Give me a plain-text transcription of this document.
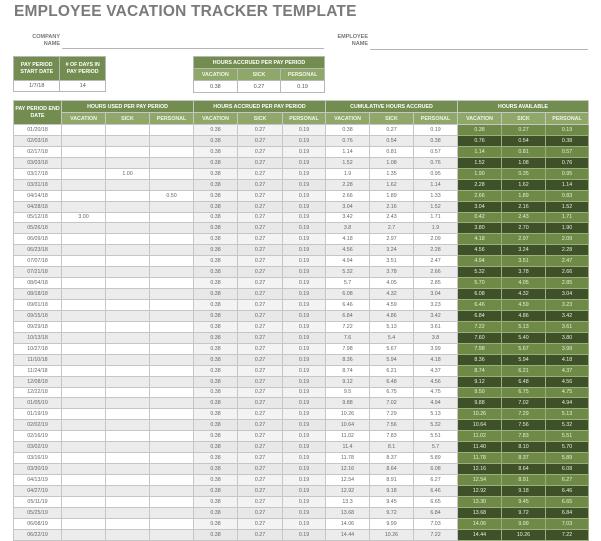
EMPLOYEE VACATION TRACKER TEMPLATE
COMPANY
NAME
EMPLOYEE
NAME
PAY PERIOD START DATE	# OF DAYS IN PAY PERIOD
1/7/18	14
HOURS ACCRUED PER PAY PERIOD		
VACATION	SICK	PERSONAL
0.38	0.27	0.19
PAY PERIOD END DATE	HOURS USED PER PAY PERIOD			HOURS ACCRUED PER PAY PERIOD			CUMULATIVE HOURS ACCRUED			HOURS AVAILABLE		
	VACATION	SICK	PERSONAL	VACATION	SICK	PERSONAL	VACATION	SICK	PERSONAL	VACATION	SICK	PERSONAL
01/20/18				0.38	0.27	0.19	0.38	0.27	0.19	0.38	0.27	0.19
02/03/18				0.38	0.27	0.19	0.76	0.54	0.38	0.76	0.54	0.38
02/17/18				0.38	0.27	0.19	1.14	0.81	0.57	1.14	0.81	0.57
03/03/18				0.38	0.27	0.19	1.52	1.08	0.76	1.52	1.08	0.76
03/17/18		1.00		0.38	0.27	0.19	1.9	1.35	0.95	1.90	0.35	0.95
03/31/18				0.38	0.27	0.19	2.28	1.62	1.14	2.28	1.62	1.14
04/14/18			0.50	0.38	0.27	0.19	2.66	1.89	1.33	2.66	1.89	0.83
04/28/18				0.38	0.27	0.19	3.04	2.16	1.52	3.04	2.16	1.52
05/12/18	3.00			0.38	0.27	0.19	3.42	2.43	1.71	0.42	2.43	1.71
05/26/18				0.38	0.27	0.19	3.8	2.7	1.9	3.80	2.70	1.90
06/09/18				0.38	0.27	0.19	4.18	2.97	2.09	4.18	2.97	2.09
06/23/18				0.38	0.27	0.19	4.56	3.24	2.28	4.56	3.24	2.28
07/07/18				0.38	0.27	0.19	4.94	3.51	2.47	4.94	3.51	2.47
07/21/18				0.38	0.27	0.19	5.32	3.78	2.66	5.32	3.78	2.66
08/04/18				0.38	0.27	0.19	5.7	4.05	2.85	5.70	4.05	2.85
08/18/18				0.38	0.27	0.19	6.08	4.32	3.04	6.08	4.32	3.04
09/01/18				0.38	0.27	0.19	6.46	4.59	3.23	6.46	4.59	3.23
09/15/18				0.38	0.27	0.19	6.84	4.86	3.42	6.84	4.86	3.42
09/29/18				0.38	0.27	0.19	7.22	5.13	3.61	7.22	5.13	3.61
10/13/18				0.38	0.27	0.19	7.6	5.4	3.8	7.60	5.40	3.80
10/27/18				0.38	0.27	0.19	7.98	5.67	3.99	7.98	5.67	3.99
11/10/18				0.38	0.27	0.19	8.36	5.94	4.18	8.36	5.94	4.18
11/24/18				0.38	0.27	0.19	8.74	6.21	4.37	8.74	6.21	4.37
12/08/18				0.38	0.27	0.19	9.12	6.48	4.56	9.12	6.48	4.56
12/22/18				0.38	0.27	0.19	9.5	6.75	4.75	9.50	6.75	4.75
01/05/19				0.38	0.27	0.19	9.88	7.02	4.94	9.88	7.02	4.94
01/19/19				0.38	0.27	0.19	10.26	7.29	5.13	10.26	7.29	5.13
02/02/19				0.38	0.27	0.19	10.64	7.56	5.32	10.64	7.56	5.32
02/16/19				0.38	0.27	0.19	11.02	7.83	5.51	11.02	7.83	5.51
03/02/19				0.38	0.27	0.19	11.4	8.1	5.7	11.40	8.10	5.70
03/16/19				0.38	0.27	0.19	11.78	8.37	5.89	11.78	8.37	5.89
03/30/19				0.38	0.27	0.19	12.16	8.64	6.08	12.16	8.64	6.08
04/13/19				0.38	0.27	0.19	12.54	8.91	6.27	12.54	8.91	6.27
04/27/19				0.38	0.27	0.19	12.92	9.18	6.46	12.92	9.18	6.46
05/11/19				0.38	0.27	0.19	13.3	9.45	6.65	13.30	9.45	6.65
05/25/19				0.38	0.27	0.19	13.68	9.72	6.84	13.68	9.72	6.84
06/08/19				0.38	0.27	0.19	14.06	9.99	7.03	14.06	9.99	7.03
06/22/19				0.38	0.27	0.19	14.44	10.26	7.22	14.44	10.26	7.22
